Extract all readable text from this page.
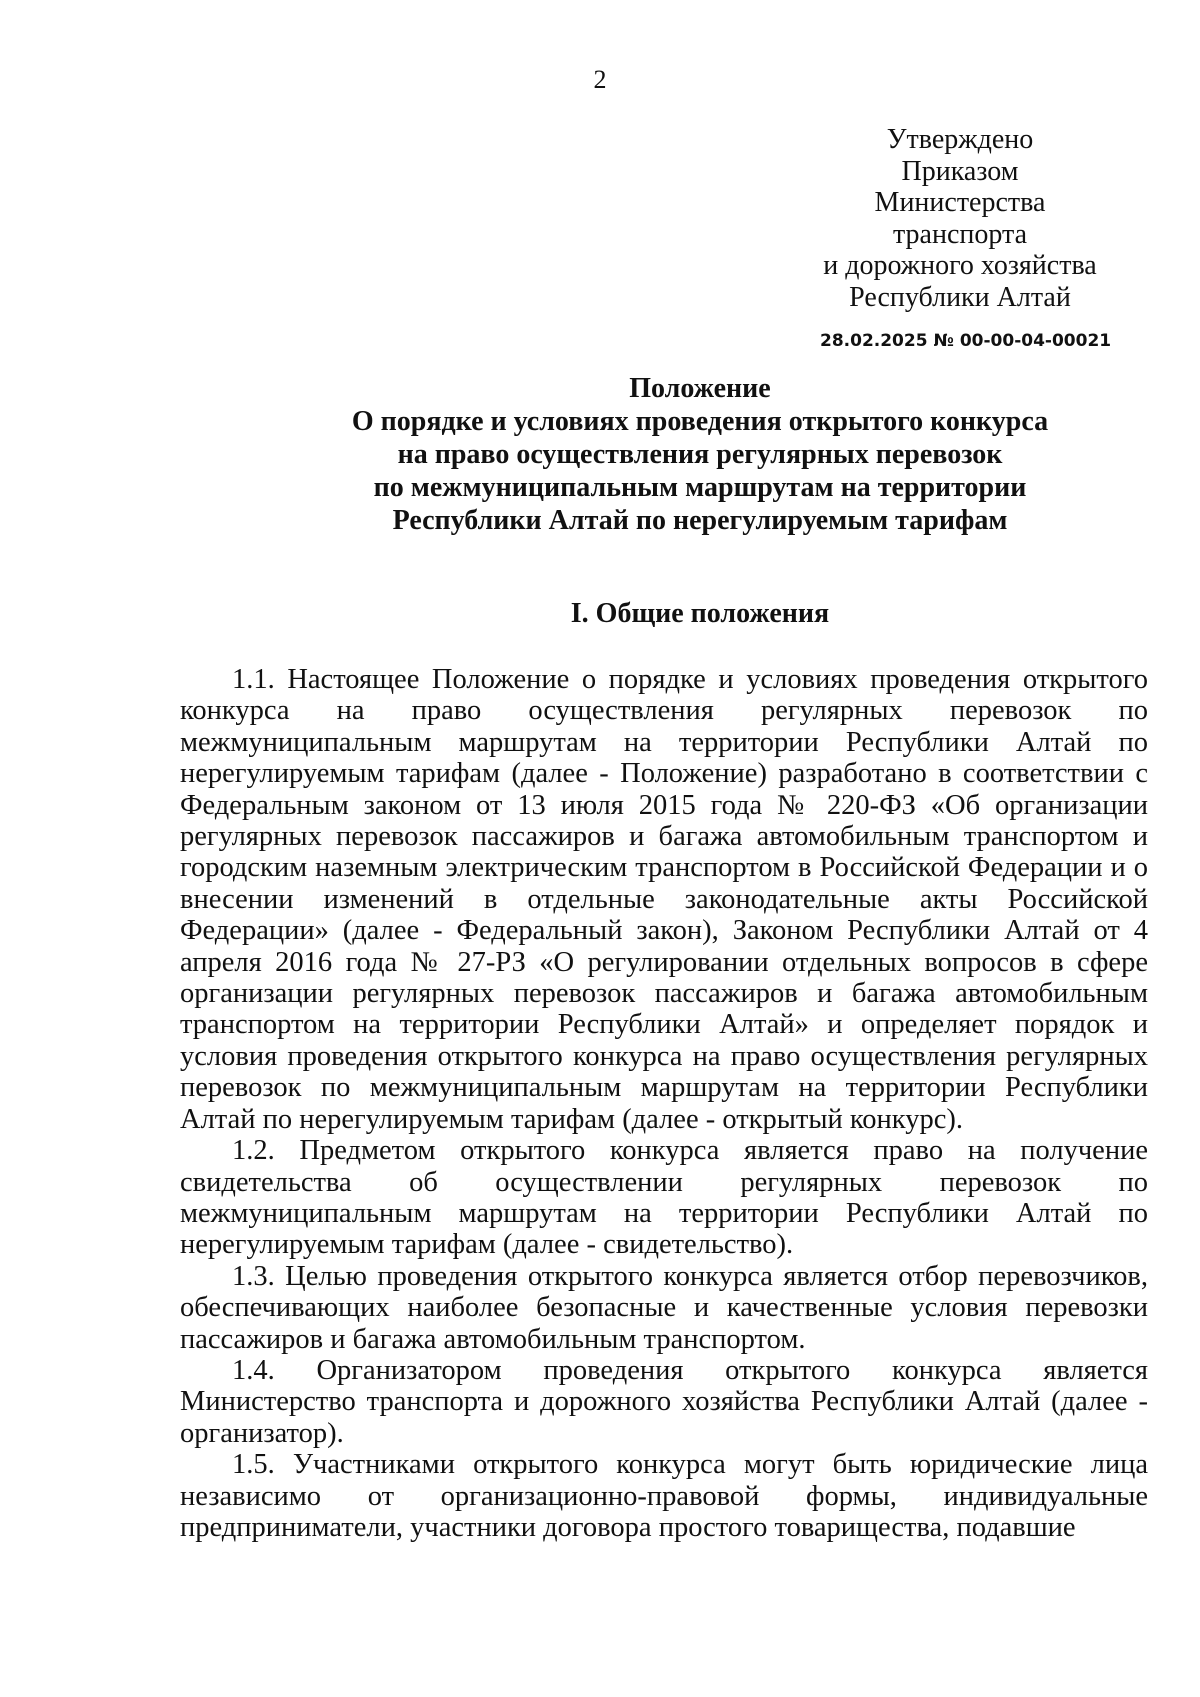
2
Утверждено
Приказом
Министерства
транспорта
и дорожного хозяйства
Республики Алтай
28.02.2025 № 00-00-04-00021
Положение
О порядке и условиях проведения открытого конкурса
на право осуществления регулярных перевозок
по межмуниципальным маршрутам на территории
Республики Алтай по нерегулируемым тарифам
I. Общие положения

1.1. Настоящее Положение о порядке и условиях проведения открытого конкурса на право осуществления регулярных перевозок по межмуниципальным маршрутам на территории Республики Алтай по нерегулируемым тарифам (далее - Положение) разработано в соответствии с Федеральным законом от 13 июля 2015 года № 220-ФЗ «Об организации регулярных перевозок пассажиров и багажа автомобильным транспортом и городским наземным электрическим транспортом в Российской Федерации и о внесении изменений в отдельные законодательные акты Российской Федерации» (далее - Федеральный закон), Законом Республики Алтай от 4 апреля 2016 года № 27-РЗ «О регулировании отдельных вопросов в сфере организации регулярных перевозок пассажиров и багажа автомобильным транспортом на территории Республики Алтай» и определяет порядок и условия проведения открытого конкурса на право осуществления регулярных перевозок по межмуниципальным маршрутам на территории Республики Алтай по нерегулируемым тарифам (далее - открытый конкурс).

1.2. Предметом открытого конкурса является право на получение свидетельства об осуществлении регулярных перевозок по межмуниципальным маршрутам на территории Республики Алтай по нерегулируемым тарифам (далее - свидетельство).

1.3. Целью проведения открытого конкурса является отбор перевозчиков, обеспечивающих наиболее безопасные и качественные условия перевозки пассажиров и багажа автомобильным транспортом.

1.4. Организатором проведения открытого конкурса является Министерство транспорта и дорожного хозяйства Республики Алтай (далее - организатор).

1.5. Участниками открытого конкурса могут быть юридические лица независимо от организационно-правовой формы, индивидуальные предприниматели, участники договора простого товарищества, подавшие
